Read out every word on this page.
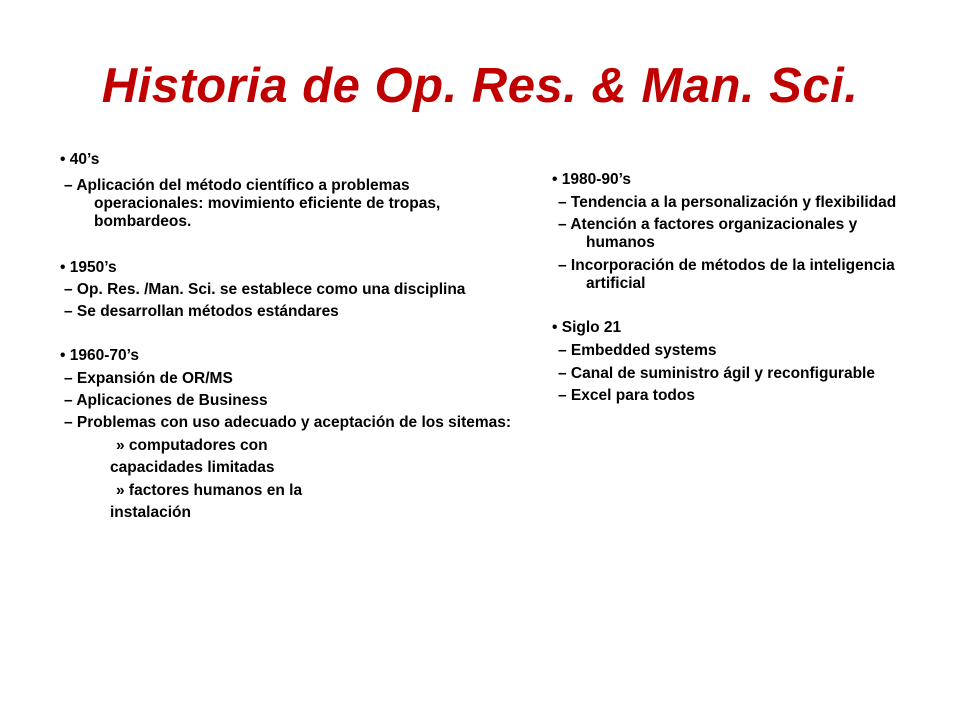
Historia de Op. Res. & Man. Sci.
• 40’s
– Aplicación del método científico a problemas
operacionales: movimiento eficiente de tropas,
bombardeos.
• 1950’s
– Op. Res. /Man. Sci. se establece como una disciplina
– Se desarrollan métodos estándares
• 1960-70’s
– Expansión de OR/MS
– Aplicaciones de Business
– Problemas con uso adecuado y aceptación de los sitemas:
» computadores con
capacidades limitadas
» factores humanos en la
instalación
• 1980-90’s
– Tendencia a la personalización y flexibilidad
– Atención a factores organizacionales y
humanos
– Incorporación de métodos de la inteligencia
artificial
• Siglo 21
– Embedded systems
– Canal de suministro ágil y reconfigurable
– Excel para todos
